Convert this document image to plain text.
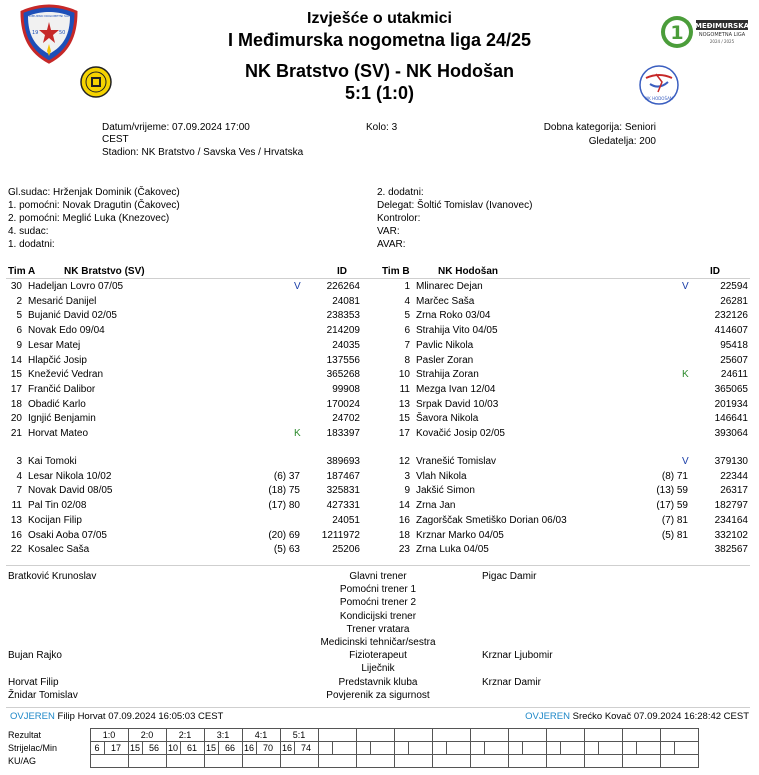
19	50
MEĐIMURSKI NOGOMETNI SAVEZ
1 MEĐIMURSKA
NOGOMETNA LIGA
2024 / 2025
NK HODOŠAN
Izvješće o utakmici
I Međimurska nogometna liga 24/25
NK Bratstvo (SV) - NK Hodošan
5:1 (1:0)
Datum/vrijeme: 07.09.2024 17:00
CEST
Stadion: NK Bratstvo / Savska Ves / Hrvatska
Kolo: 3	Dobna kategorija: Seniori
Gledatelja: 200
Gl.sudac: Hrženjak Dominik (Čakovec)
1. pomoćni: Novak Dragutin (Čakovec)
2. pomoćni: Meglić Luka (Knezovec)
4. sudac:
1. dodatni:
2. dodatni:
Delegat: Šoltić Tomislav (Ivanovec)
Kontrolor:
VAR:
AVAR:
Tim A	NK Bratstvo (SV)	ID	Tim B	NK Hodošan	ID
30 Hadeljan Lovro 07/05	V	226264
2 Mesarić Danijel	24081
5 Bujanić David 02/05	238353
6 Novak Edo 09/04	214209
9 Lesar Matej	24035
14 Hlapčić Josip	137556
15 Knežević Vedran	365268
17 Frančić Dalibor	99908
18 Obadić Karlo	170024
20 Ignjić Benjamin	24702
21 Horvat Mateo	K	183397
3 Kai Tomoki	389693
4 Lesar Nikola 10/02	(6) 37	187467
7 Novak David 08/05	(18) 75	325831
11 Pal Tin 02/08	(17) 80	427331
13 Kocijan Filip	24051
16 Osaki Aoba 07/05	(20) 69	1211972
22 Kosalec Saša	(5) 63	25206
1 Mlinarec Dejan	V	22594
4 Marčec Saša	26281
5 Zrna Roko 03/04	232126
6 Strahija Vito 04/05	414607
7 Pavlic Nikola	95418
8 Pasler Zoran	25607
10 Strahija Zoran	K	24611
11 Mezga Ivan 12/04	365065
13 Srpak David 10/03	201934
15 Šavora Nikola	146641
17 Kovačić Josip 02/05	393064
12 Vranešić Tomislav	V	379130
3 Vlah Nikola	(8) 71	22344
9 Jakšić Simon	(13) 59	26317
14 Zrna Jan	(17) 59	182797
16 Zagorščak Smetiško Dorian 06/03	(7) 81	234164
18 Krznar Marko 04/05	(5) 81	332102
23 Zrna Luka 04/05	382567
Glavni trener
Bratković Krunoslav	Pigac Damir
Pomoćni trener 1
Pomoćni trener 2
Kondicijski trener
Trener vratara
Medicinski tehničar/sestra
Fizioterapeut
Bujan Rajko	Krznar Ljubomir
Liječnik
Predstavnik kluba
Horvat Filip	Krznar Damir
Povjerenik za sigurnost
Žnidar Tomislav
OVJEREN Filip Horvat 07.09.2024 16:05:03 CEST	OVJEREN Srećko Kovač 07.09.2024 16:28:42 CEST
Rezultat	1:0		2:0		2:1		3:1		4:1		5:1																					
Strijelac/Min	6	17	15	56	10	61	15	66	16	70	16	74																				
KU/AG																																
